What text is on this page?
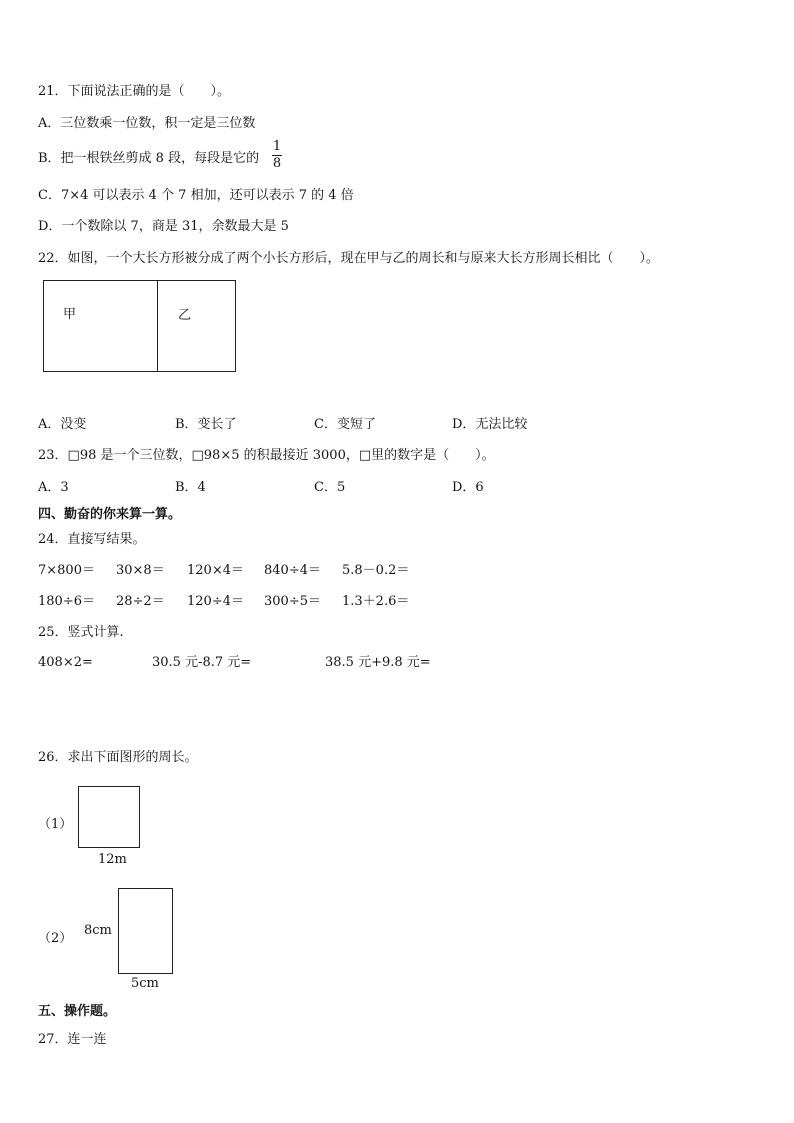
21．下面说法正确的是（　　）。
A．三位数乘一位数，积一定是三位数
B．把一根铁丝剪成 8 段，每段是它的
1
8
C．7×4 可以表示 4 个 7 相加，还可以表示 7 的 4 倍
D．一个数除以 7，商是 31，余数最大是 5
22．如图，一个大长方形被分成了两个小长方形后，现在甲与乙的周长和与原来大长方形周长相比（　　）。
甲	乙
A．没变	B．变长了	C．变短了	D．无法比较
23．□98 是一个三位数，□98×5 的积最接近 3000，□里的数字是（　　）。
A．3	B．4	C．5	D．6
四、勤奋的你来算一算。
24．直接写结果。
7×800＝ 30×8＝ 120×4＝ 840÷4＝ 5.8－0.2＝
180÷6＝ 28÷2＝ 120÷4＝ 300÷5＝ 1.3＋2.6＝
25．竖式计算.
408×2=	30.5 元-8.7 元=	38.5 元+9.8 元=
26．求出下面图形的周长。
（1）
12m
（2）
8cm
5cm
五、操作题。
27．连一连
